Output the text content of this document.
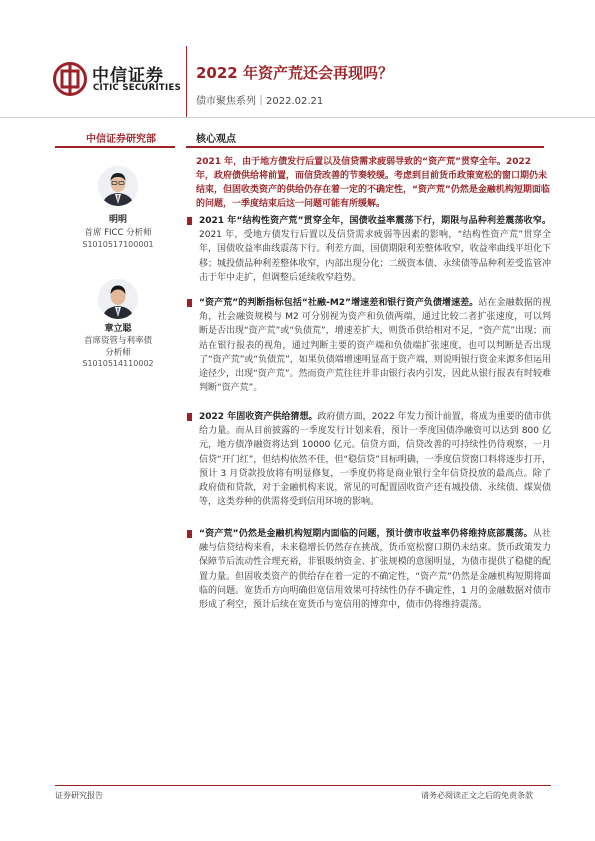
中信证券
CITIC SECURITIES
2022 年资产荒还会再现吗？
债市聚焦系列｜2022.02.21
中信证券研究部	核心观点
明明
首席 FICC 分析师
S1010517100001
章立聪
首席资管与利率债
分析师
S1010514110002
2021 年，由于地方债发行后置以及信贷需求疲弱导致的“资产荒”贯穿全年。2022 年，政府债供给将前置，而信贷改善的节奏较缓。考虑到目前货币政策宽松的窗口期仍未结束，但固收类资产的供给仍存在着一定的不确定性，“资产荒”仍然是金融机构短期面临的问题，一季度结束后这一问题可能有所缓解。
2021 年“结构性资产荒”贯穿全年，国债收益率震荡下行，期限与品种利差震荡收窄。2021 年，受地方债发行后置以及信贷需求疲弱等因素的影响，“结构性资产荒”贯穿全年，国债收益率曲线震荡下行。利差方面，国债期限利差整体收窄，收益率曲线平坦化下移；城投债品种利差整体收窄，内部出现分化；二级资本债、永续债等品种利差受监管冲击于年中走扩，但调整后延续收窄趋势。
“资产荒”的判断指标包括“社融-M2”增速差和银行资产负债增速差。站在金融数据的视角，社会融资规模与 M2 可分别视为资产和负债两端，通过比较二者扩张速度，可以判断是否出现“资产荒”或“负债荒”，增速差扩大，则货币供给相对不足，“资产荒”出现；而站在银行报表的视角，通过判断主要的资产端和负债端扩张速度，也可以判断是否出现了“资产荒”或“负债荒”，如果负债端增速明显高于资产端，则说明银行资金来源多但运用途径少，出现“资产荒”。然而资产荒往往并非由银行表内引发，因此从银行报表有时较难判断“资产荒”。
2022 年固收资产供给猜想。政府债方面，2022 年发力预计前置，将成为重要的债市供给力量。而从目前披露的一季度发行计划来看，预计一季度国债净融资可以达到 800 亿元，地方债净融资将达到 10000 亿元。信贷方面，信贷改善的可持续性仍待观察，一月信贷“开门红”，但结构依然不佳，但“稳信贷”目标明确，一季度信贷窗口料将逐步打开，预计 3 月贷款投放将有明显修复，一季度仍将是商业银行全年信贷投放的最高点。除了政府债和贷款，对于金融机构来说，常见的可配置固收资产还有城投债、永续债、煤炭债等，这类券种的供需将受到信用环境的影响。
“资产荒”仍然是金融机构短期内面临的问题，预计债市收益率仍将维持底部震荡。从社融与信贷结构来看，未来稳增长仍然存在挑战，货币宽松窗口期仍未结束。货币政策发力保障节后流动性合理充裕，非银吸纳资金、扩张规模的意图明显，为债市提供了稳健的配置力量。但固收类资产的供给存在着一定的不确定性，“资产荒”仍然是金融机构短期将面临的问题。宽货币方向明确但宽信用效果可持续性仍存不确定性，1 月的金融数据对债市形成了利空，预计后续在宽货币与宽信用的博弈中，债市仍将维持震荡。
证券研究报告	请务必阅读正文之后的免责条款
